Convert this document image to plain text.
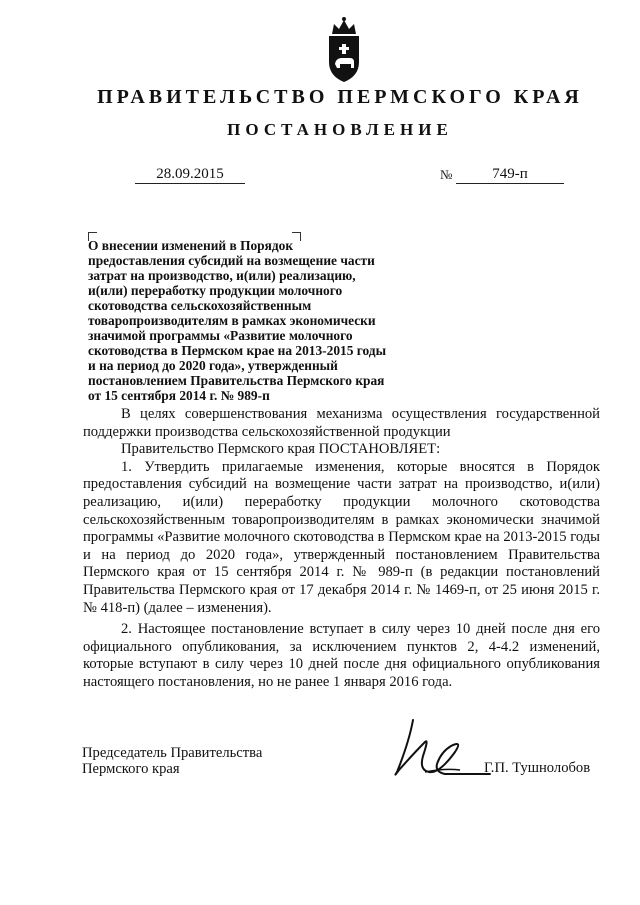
ПРАВИТЕЛЬСТВО ПЕРМСКОГО КРАЯ
ПОСТАНОВЛЕНИЕ
28.09.2015	№	749-п
О внесении изменений в Порядок
предоставления субсидий на возмещение части
затрат на производство, и(или) реализацию,
и(или) переработку продукции молочного
скотоводства сельскохозяйственным
товаропроизводителям в рамках экономически
значимой программы «Развитие молочного
скотоводства в Пермском крае на 2013-2015 годы
и на период до 2020 года», утвержденный
постановлением Правительства Пермского края
от 15 сентября 2014 г. № 989-п

В целях совершенствования механизма осуществления государственной поддержки производства сельскохозяйственной продукции

Правительство Пермского края ПОСТАНОВЛЯЕТ:

1. Утвердить прилагаемые изменения, которые вносятся в Порядок предоставления субсидий на возмещение части затрат на производство, и(или) реализацию, и(или) переработку продукции молочного скотоводства сельскохозяйственным товаропроизводителям в рамках экономически значимой программы «Развитие молочного скотоводства в Пермском крае на 2013-2015 годы и на период до 2020 года», утвержденный постановлением Правительства Пермского края от 15 сентября 2014 г. № 989-п (в редакции постановлений Правительства Пермского края от 17 декабря 2014 г. № 1469-п, от 25 июня 2015 г. № 418-п) (далее – изменения).

2. Настоящее постановление вступает в силу через 10 дней после дня его официального опубликования, за исключением пунктов 2, 4-4.2 изменений, которые вступают в силу через 10 дней после дня официального опубликования настоящего постановления, но не ранее 1 января 2016 года.

Председатель Правительства
Пермского края	Г.П. Тушнолобов
